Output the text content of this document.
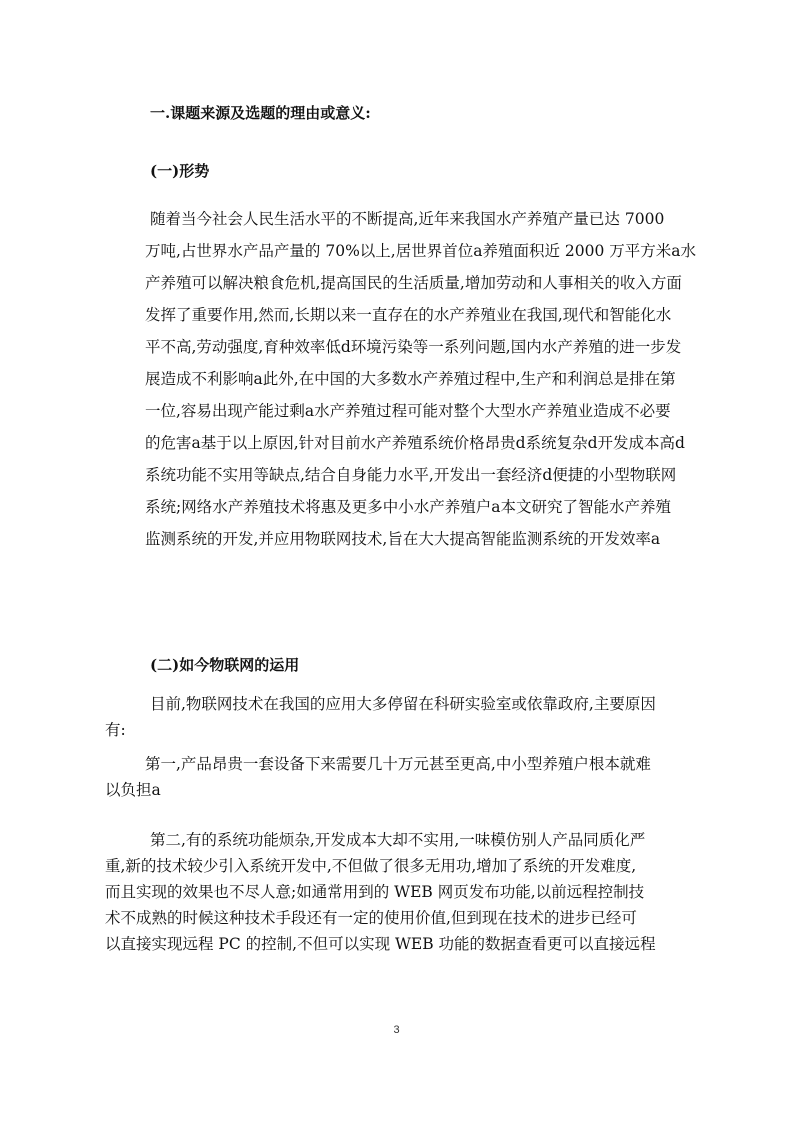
一.课题来源及选题的理由或意义:
(一)形势
随着当今社会人民生活水平的不断提高,近年来我国水产养殖产量已达 7000
万吨,占世界水产品产量的 70%以上,居世界首位a养殖面积近 2000 万平方米a水
产养殖可以解决粮食危机,提高国民的生活质量,增加劳动和人事相关的收入方面
发挥了重要作用,然而,长期以来一直存在的水产养殖业在我国,现代和智能化水
平不高,劳动强度,育种效率低d环境污染等一系列问题,国内水产养殖的进一步发
展造成不利影响a此外,在中国的大多数水产养殖过程中,生产和利润总是排在第
一位,容易出现产能过剩a水产养殖过程可能对整个大型水产养殖业造成不必要
的危害a基于以上原因,针对目前水产养殖系统价格昂贵d系统复杂d开发成本高d
系统功能不实用等缺点,结合自身能力水平,开发出一套经济d便捷的小型物联网
系统;网络水产养殖技术将惠及更多中小水产养殖户a本文研究了智能水产养殖
监测系统的开发,并应用物联网技术,旨在大大提高智能监测系统的开发效率a
(二)如今物联网的运用
目前,物联网技术在我国的应用大多停留在科研实验室或依靠政府,主要原因
有:
第一,产品昂贵一套设备下来需要几十万元甚至更高,中小型养殖户根本就难
以负担a
第二,有的系统功能烦杂,开发成本大却不实用,一味模仿别人产品同质化严
重,新的技术较少引入系统开发中,不但做了很多无用功,增加了系统的开发难度,
而且实现的效果也不尽人意;如通常用到的 WEB 网页发布功能,以前远程控制技
术不成熟的时候这种技术手段还有一定的使用价值,但到现在技术的进步已经可
以直接实现远程 PC 的控制,不但可以实现 WEB 功能的数据查看更可以直接远程
3
